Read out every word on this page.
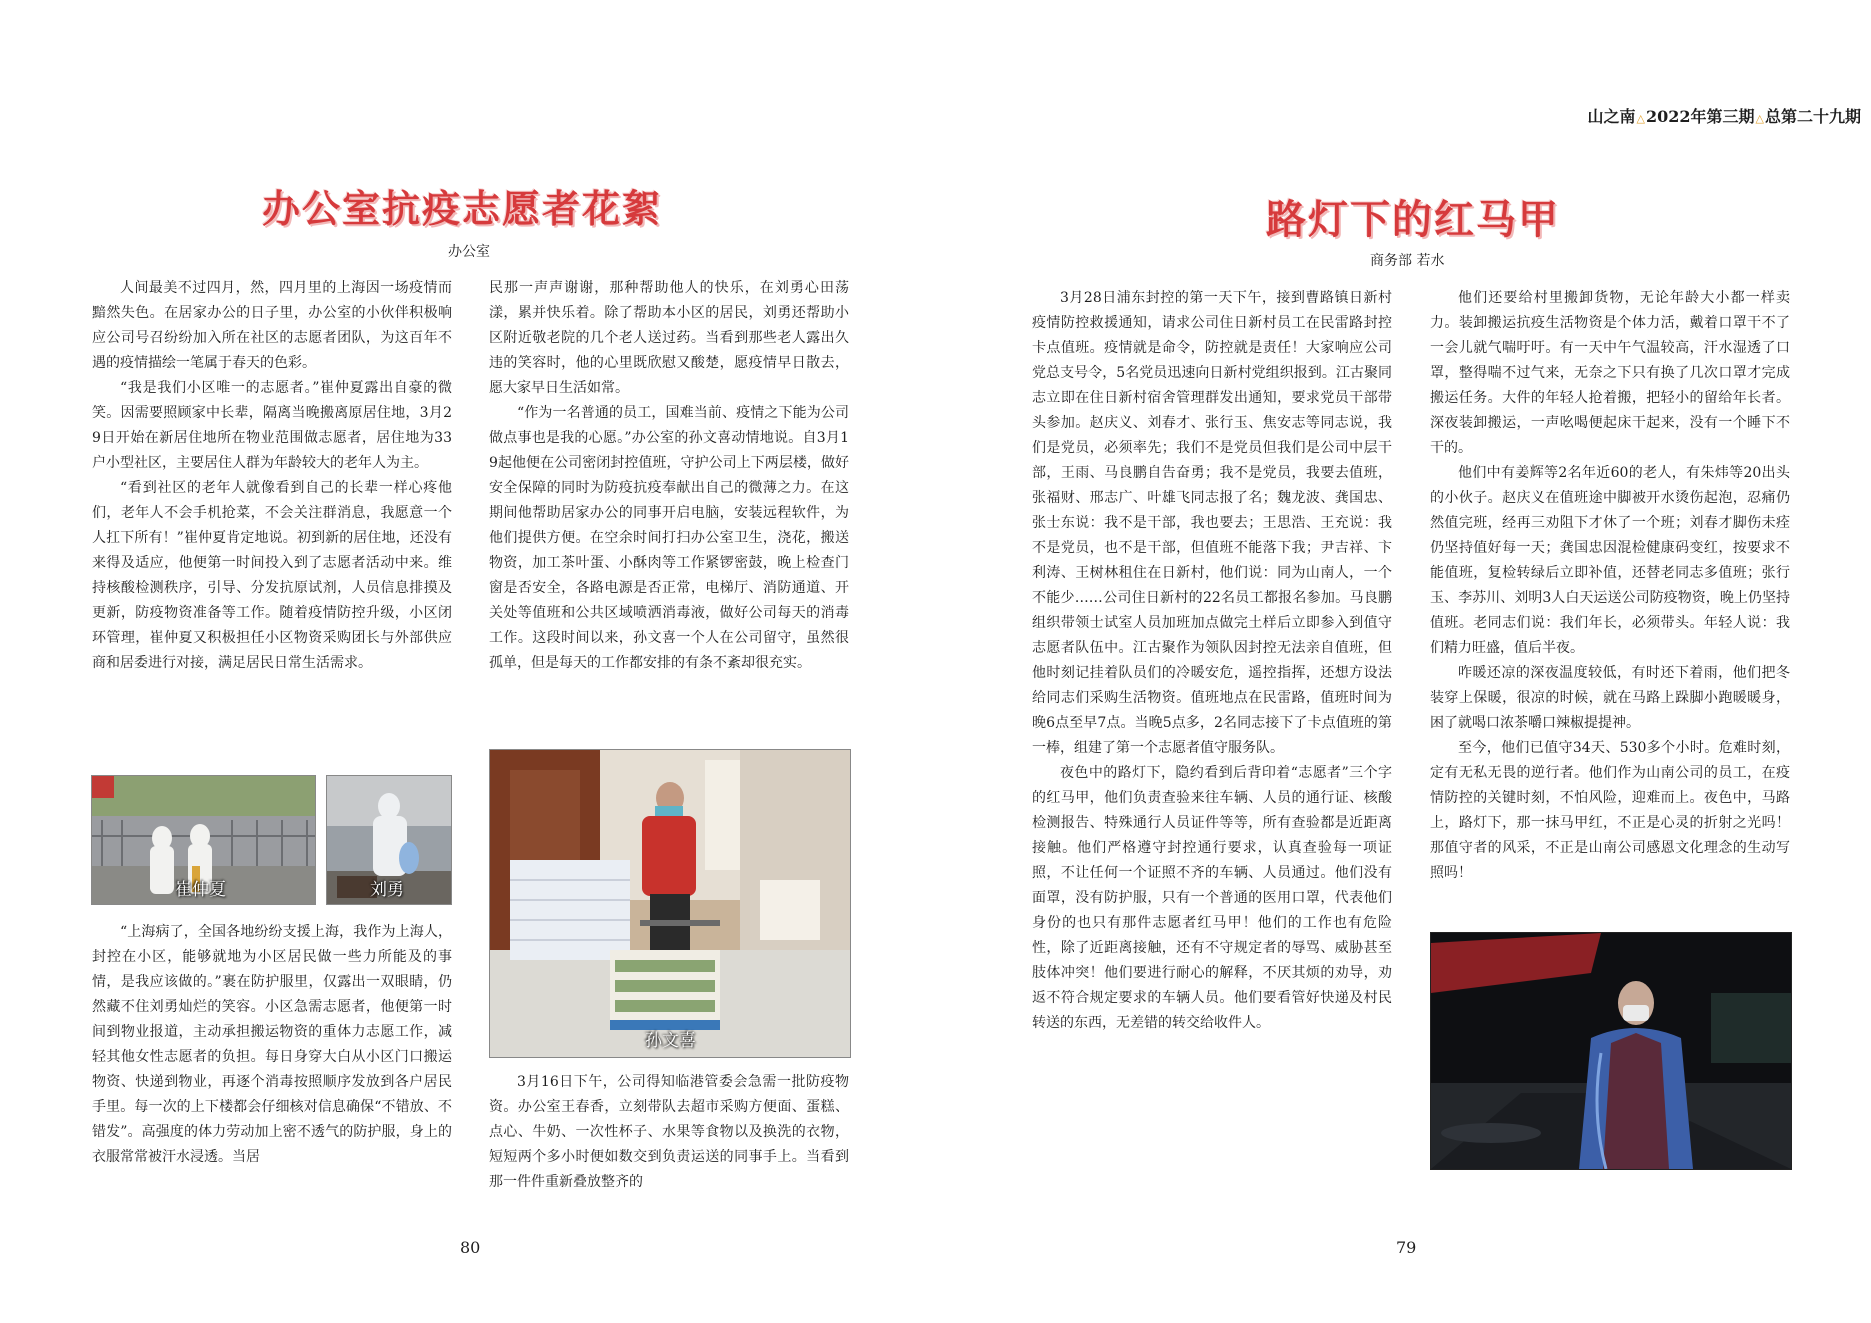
办公室抗疫志愿者花絮
办公室

人间最美不过四月，然，四月里的上海因一场疫情而黯然失色。在居家办公的日子里，办公室的小伙伴积极响应公司号召纷纷加入所在社区的志愿者团队，为这百年不遇的疫情描绘一笔属于春天的色彩。

“我是我们小区唯一的志愿者。”崔仲夏露出自豪的微笑。因需要照顾家中长辈，隔离当晚搬离原居住地，3月29日开始在新居住地所在物业范围做志愿者，居住地为33户小型社区，主要居住人群为年龄较大的老年人为主。

“看到社区的老年人就像看到自己的长辈一样心疼他们，老年人不会手机抢菜，不会关注群消息，我愿意一个人扛下所有！”崔仲夏肯定地说。初到新的居住地，还没有来得及适应，他便第一时间投入到了志愿者活动中来。维持核酸检测秩序，引导、分发抗原试剂，人员信息排摸及更新，防疫物资准备等工作。随着疫情防控升级，小区闭环管理，崔仲夏又积极担任小区物资采购团长与外部供应商和居委进行对接，满足居民日常生活需求。

崔仲夏	刘勇

“上海病了，全国各地纷纷支援上海，我作为上海人，封控在小区，能够就地为小区居民做一些力所能及的事情，是我应该做的。”裹在防护服里，仅露出一双眼睛，仍然藏不住刘勇灿烂的笑容。小区急需志愿者，他便第一时间到物业报道，主动承担搬运物资的重体力志愿工作，减轻其他女性志愿者的负担。每日身穿大白从小区门口搬运物资、快递到物业，再逐个消毒按照顺序发放到各户居民手里。每一次的上下楼都会仔细核对信息确保“不错放、不错发”。高强度的体力劳动加上密不透气的防护服，身上的衣服常常被汗水浸透。当居

民那一声声谢谢，那种帮助他人的快乐，在刘勇心田荡漾，累并快乐着。除了帮助本小区的居民，刘勇还帮助小区附近敬老院的几个老人送过药。当看到那些老人露出久违的笑容时，他的心里既欣慰又酸楚，愿疫情早日散去，愿大家早日生活如常。

“作为一名普通的员工，国难当前、疫情之下能为公司做点事也是我的心愿。”办公室的孙文喜动情地说。自3月19起他便在公司密闭封控值班，守护公司上下两层楼，做好安全保障的同时为防疫抗疫奉献出自己的微薄之力。在这期间他帮助居家办公的同事开启电脑，安装远程软件，为他们提供方便。在空余时间打扫办公室卫生，浇花，搬送物资，加工茶叶蛋、小酥肉等工作紧锣密鼓，晚上检查门窗是否安全，各路电源是否正常，电梯厅、消防通道、开关处等值班和公共区域喷洒消毒液，做好公司每天的消毒工作。这段时间以来，孙文喜一个人在公司留守，虽然很孤单，但是每天的工作都安排的有条不紊却很充实。

孙文喜

3月16日下午，公司得知临港管委会急需一批防疫物资。办公室王春香，立刻带队去超市采购方便面、蛋糕、点心、牛奶、一次性杯子、水果等食物以及换洗的衣物，短短两个多小时便如数交到负责运送的同事手上。当看到那一件件重新叠放整齐的

80
山之南△2022年第三期△总第二十九期
路灯下的红马甲
商务部 若水

3月28日浦东封控的第一天下午，接到曹路镇日新村疫情防控救援通知，请求公司住日新村员工在民雷路封控卡点值班。疫情就是命令，防控就是责任！大家响应公司党总支号令，5名党员迅速向日新村党组织报到。江古聚同志立即在住日新村宿舍管理群发出通知，要求党员干部带头参加。赵庆义、刘春才、张行玉、焦安志等同志说，我们是党员，必须率先；我们不是党员但我们是公司中层干部，王雨、马良鹏自告奋勇；我不是党员，我要去值班，张福财、邢志广、叶雄飞同志报了名；魏龙波、龚国忠、张士东说：我不是干部，我也要去；王思浩、王充说：我不是党员，也不是干部，但值班不能落下我；尹吉祥、卞利涛、王树林租住在日新村，他们说：同为山南人，一个不能少……公司住日新村的22名员工都报名参加。马良鹏组织带领士试室人员加班加点做完土样后立即参入到值守志愿者队伍中。江古聚作为领队因封控无法亲自值班，但他时刻记挂着队员们的冷暖安危，遥控指挥，还想方设法给同志们采购生活物资。值班地点在民雷路，值班时间为晚6点至早7点。当晚5点多，2名同志接下了卡点值班的第一棒，组建了第一个志愿者值守服务队。

夜色中的路灯下，隐约看到后背印着“志愿者”三个字的红马甲，他们负责查验来往车辆、人员的通行证、核酸检测报告、特殊通行人员证件等等，所有查验都是近距离接触。他们严格遵守封控通行要求，认真查验每一项证照，不让任何一个证照不齐的车辆、人员通过。他们没有面罩，没有防护服，只有一个普通的医用口罩，代表他们身份的也只有那件志愿者红马甲！他们的工作也有危险性，除了近距离接触，还有不守规定者的辱骂、威胁甚至肢体冲突！他们要进行耐心的解释，不厌其烦的劝导，劝返不符合规定要求的车辆人员。他们要看管好快递及村民转送的东西，无差错的转交给收件人。

他们还要给村里搬卸货物，无论年龄大小都一样卖力。装卸搬运抗疫生活物资是个体力活，戴着口罩干不了一会儿就气喘吁吁。有一天中午气温较高，汗水湿透了口罩，整得喘不过气来，无奈之下只有换了几次口罩才完成搬运任务。大件的年轻人抢着搬，把轻小的留给年长者。深夜装卸搬运，一声吆喝便起床干起来，没有一个睡下不干的。

他们中有姜辉等2名年近60的老人，有朱炜等20出头的小伙子。赵庆义在值班途中脚被开水烫伤起泡，忍痛仍然值完班，经再三劝阻下才休了一个班；刘春才脚伤未痊仍坚持值好每一天；龚国忠因混检健康码变红，按要求不能值班，复检转绿后立即补值，还替老同志多值班；张行玉、李苏川、刘明3人白天运送公司防疫物资，晚上仍坚持值班。老同志们说：我们年长，必须带头。年轻人说：我们精力旺盛，值后半夜。

咋暖还凉的深夜温度较低，有时还下着雨，他们把冬装穿上保暖，很凉的时候，就在马路上跺脚小跑暖暖身，困了就喝口浓茶嚼口辣椒提提神。

至今，他们已值守34天、530多个小时。危难时刻，定有无私无畏的逆行者。他们作为山南公司的员工，在疫情防控的关键时刻，不怕风险，迎难而上。夜色中，马路上，路灯下，那一抹马甲红，不正是心灵的折射之光吗！那值守者的风采，不正是山南公司感恩文化理念的生动写照吗！

79
